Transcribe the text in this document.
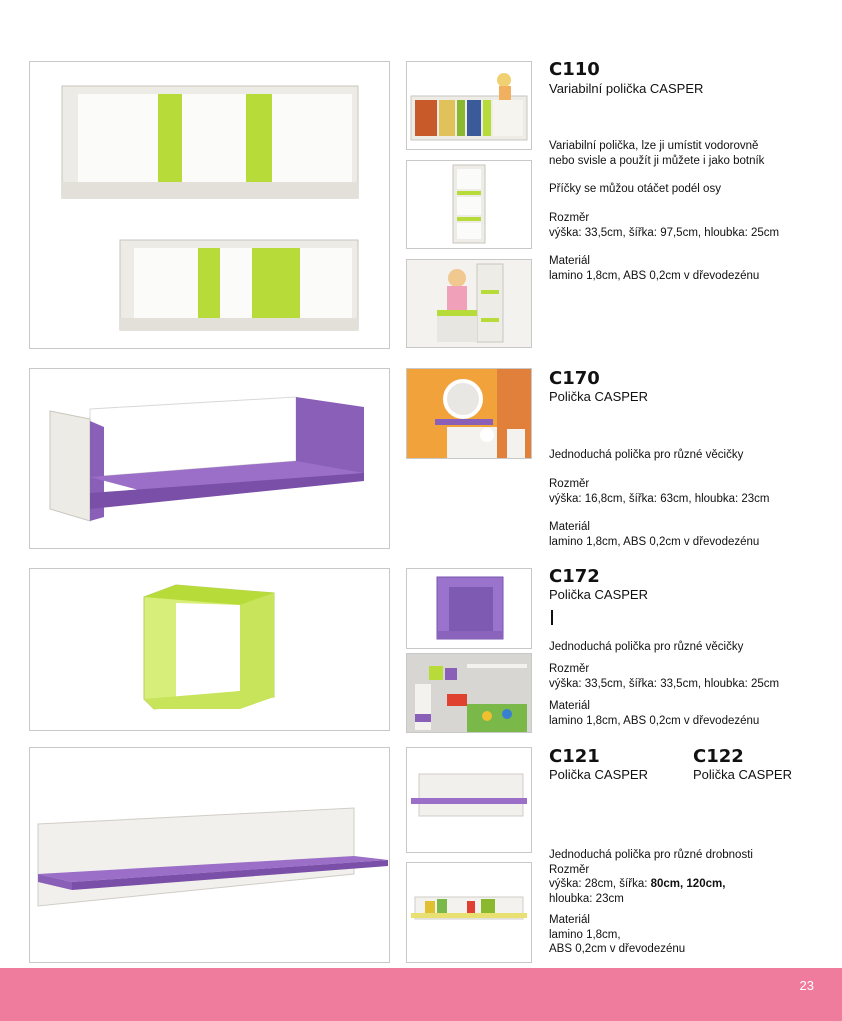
C110
Variabilní polička CASPER
Variabilní polička, lze ji umístit vodorovně
nebo svisle a použít ji můžete i jako botník
Příčky se můžou otáčet podél osy
Rozměr
výška: 33,5cm, šířka: 97,5cm, hloubka: 25cm
Materiál
lamino 1,8cm, ABS 0,2cm v dřevodezénu
C170
Polička CASPER
Jednoduchá polička pro různé věcičky
Rozměr
výška: 16,8cm, šířka: 63cm, hloubka: 23cm
Materiál
lamino 1,8cm, ABS 0,2cm v dřevodezénu
C172
Polička CASPER
Jednoduchá polička pro různé věcičky
Rozměr
výška: 33,5cm, šířka: 33,5cm, hloubka: 25cm
Materiál
lamino 1,8cm, ABS 0,2cm v dřevodezénu
C121
Polička CASPER
C122
Polička CASPER
Jednoduchá polička pro různé drobnosti
Rozměr
výška: 28cm, šířka: 80cm, 120cm,
hloubka: 23cm
Materiál
lamino 1,8cm,
ABS 0,2cm v dřevodezénu
23
